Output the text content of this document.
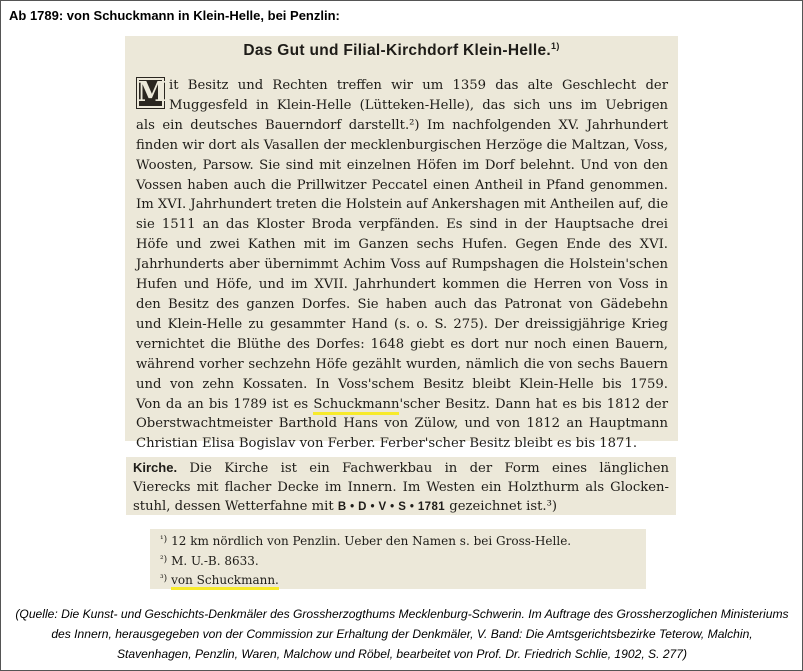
Ab 1789: von Schuckmann in Klein-Helle, bei Penzlin:
Das Gut und Filial-Kirchdorf Klein-Helle.$^{1)}$
M it Besitz und Rechten treffen wir um 1359 das alte Geschlecht der
Muggesfeld in Klein-Helle (Lütteken-Helle), das sich uns im Uebrigen
als ein deutsches Bauerndorf darstellt.²) Im nachfolgenden XV. Jahrhundert
finden wir dort als Vasallen der mecklenburgischen Herzöge die Maltzan, Voss,
Woosten, Parsow. Sie sind mit einzelnen Höfen im Dorf belehnt. Und von den
Vossen haben auch die Prillwitzer Peccatel einen Antheil in Pfand genommen.
Im XVI. Jahrhundert treten die Holstein auf Ankershagen mit Antheilen auf, die
sie 1511 an das Kloster Broda verpfänden. Es sind in der Hauptsache drei
Höfe und zwei Kathen mit im Ganzen sechs Hufen. Gegen Ende des XVI.
Jahrhunderts aber übernimmt Achim Voss auf Rumpshagen die Holstein'schen
Hufen und Höfe, und im XVII. Jahrhundert kommen die Herren von Voss in
den Besitz des ganzen Dorfes. Sie haben auch das Patronat von Gädebehn
und Klein-Helle zu gesammter Hand (s. o. S. 275). Der dreissigjährige Krieg
vernichtet die Blüthe des Dorfes: 1648 giebt es dort nur noch einen Bauern,
während vorher sechzehn Höfe gezählt wurden, nämlich die von sechs Bauern
und von zehn Kossaten. In Voss'schem Besitz bleibt Klein-Helle bis 1759.
Von da an bis 1789 ist es Schuckmann'scher Besitz. Dann hat es bis 1812 der
Oberstwachtmeister Barthold Hans von Zülow, und von 1812 an Hauptmann
Christian Elisa Bogislav von Ferber. Ferber'scher Besitz bleibt es bis 1871.
Kirche. Die Kirche ist ein Fachwerkbau in der Form eines länglichen
Vierecks mit flacher Decke im Innern. Im Westen ein Holzthurm als Glocken-
stuhl, dessen Wetterfahne mit B • D • V • S • 1781 gezeichnet ist.³)
$^{^1)}$ 12 km nördlich von Penzlin. Ueber den Namen s. bei Gross-Helle.
$^{^2)}$ M. U.-B. 8633.
$^{^3)}$ von Schuckmann.
(Quelle: Die Kunst- und Geschichts-Denkmäler des Grossherzogthums Mecklenburg-Schwerin. Im Auftrage des Grossherzoglichen Ministeriums des Innern, herausgegeben von der Commission zur Erhaltung der Denkmäler, V. Band: Die Amtsgerichtsbezirke Teterow, Malchin, Stavenhagen, Penzlin, Waren, Malchow und Röbel, bearbeitet von Prof. Dr. Friedrich Schlie, 1902, S. 277)
